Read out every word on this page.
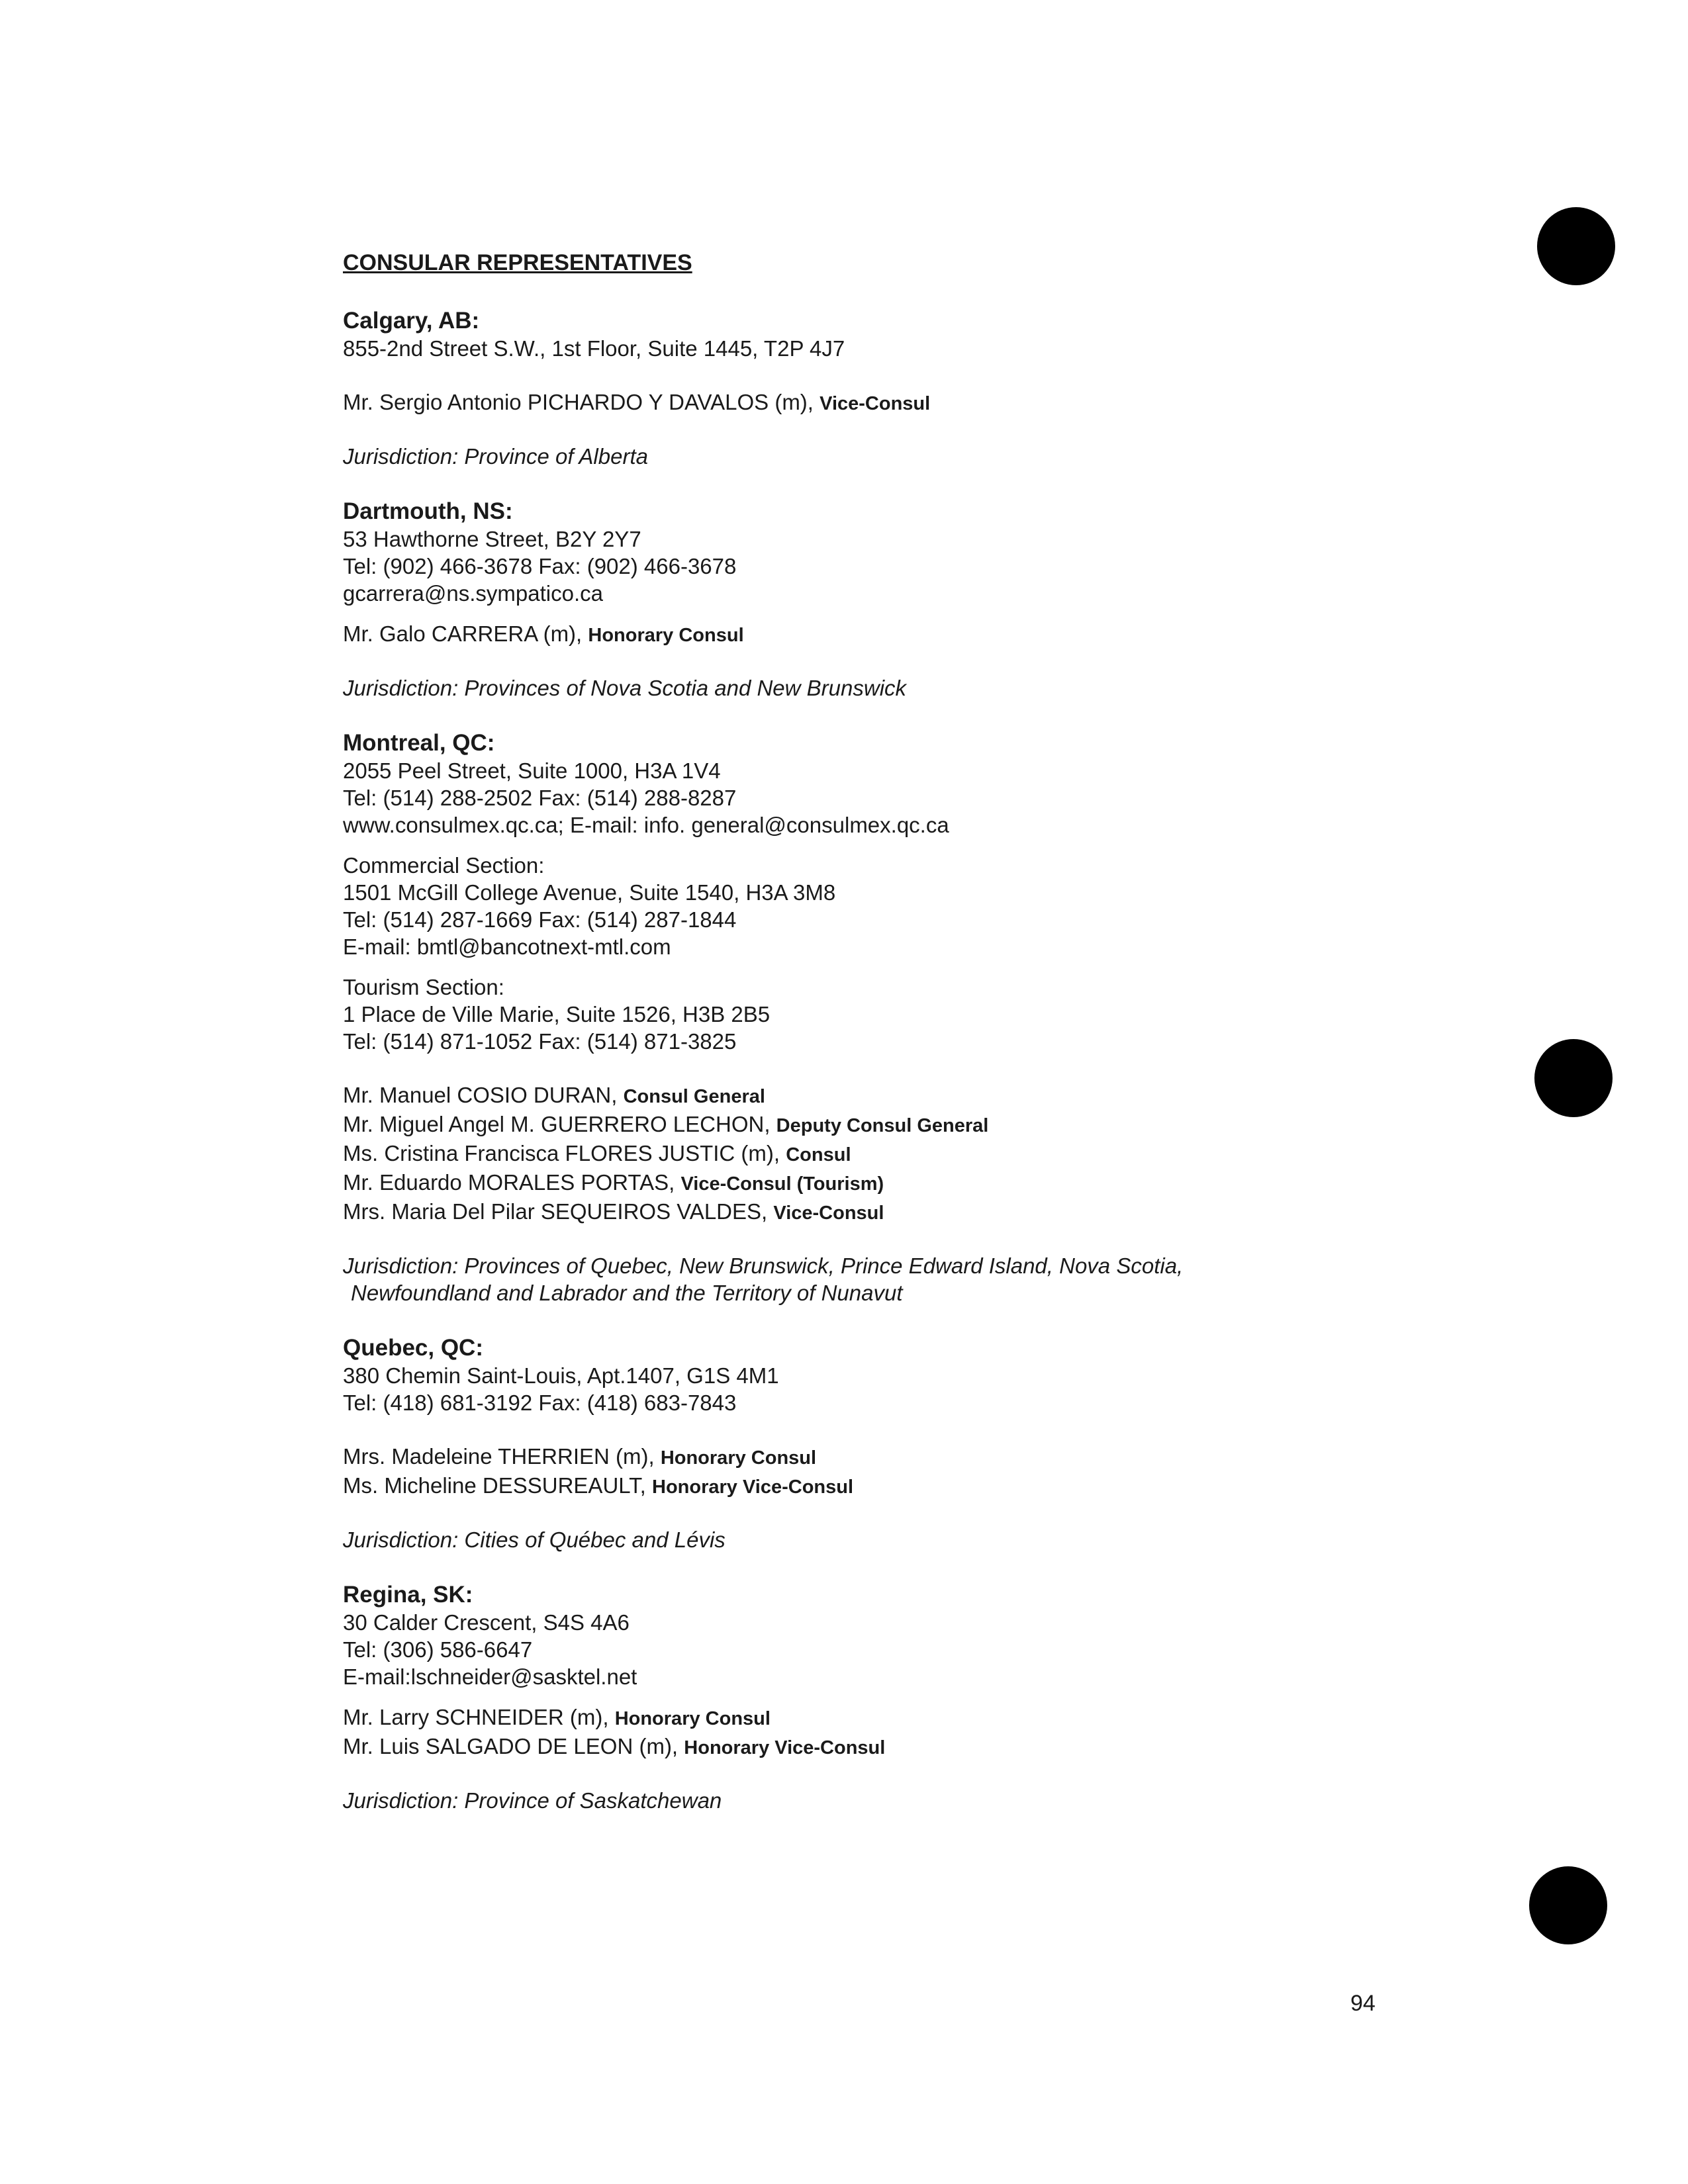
CONSULAR REPRESENTATIVES
Calgary, AB:
855-2nd Street S.W., 1st Floor, Suite 1445, T2P 4J7
Mr. Sergio Antonio PICHARDO Y DAVALOS (m), Vice-Consul
Jurisdiction: Province of Alberta
Dartmouth, NS:
53 Hawthorne Street, B2Y 2Y7
Tel: (902) 466-3678 Fax: (902) 466-3678
gcarrera@ns.sympatico.ca
Mr. Galo CARRERA (m), Honorary Consul
Jurisdiction: Provinces of Nova Scotia and New Brunswick
Montreal, QC:
2055 Peel Street, Suite 1000, H3A 1V4
Tel: (514) 288-2502 Fax: (514) 288-8287
www.consulmex.qc.ca; E-mail: info. general@consulmex.qc.ca
Commercial Section:
1501 McGill College Avenue, Suite 1540, H3A 3M8
Tel: (514) 287-1669 Fax: (514) 287-1844
E-mail: bmtl@bancotnext-mtl.com
Tourism Section:
1 Place de Ville Marie, Suite 1526, H3B 2B5
Tel: (514) 871-1052 Fax: (514) 871-3825
Mr. Manuel COSIO DURAN, Consul General
Mr. Miguel Angel M. GUERRERO LECHON, Deputy Consul General
Ms. Cristina Francisca FLORES JUSTIC (m), Consul
Mr. Eduardo MORALES PORTAS, Vice-Consul (Tourism)
Mrs. Maria Del Pilar SEQUEIROS VALDES, Vice-Consul
Jurisdiction: Provinces of Quebec, New Brunswick, Prince Edward Island, Nova Scotia,
Newfoundland and Labrador and the Territory of Nunavut
Quebec, QC:
380 Chemin Saint-Louis, Apt.1407, G1S 4M1
Tel: (418) 681-3192 Fax: (418) 683-7843
Mrs. Madeleine THERRIEN (m), Honorary Consul
Ms. Micheline DESSUREAULT, Honorary Vice-Consul
Jurisdiction: Cities of Québec and Lévis
Regina, SK:
30 Calder Crescent, S4S 4A6
Tel: (306) 586-6647
E-mail:lschneider@sasktel.net
Mr. Larry SCHNEIDER (m), Honorary Consul
Mr. Luis SALGADO DE LEON (m), Honorary Vice-Consul
Jurisdiction: Province of Saskatchewan
94
